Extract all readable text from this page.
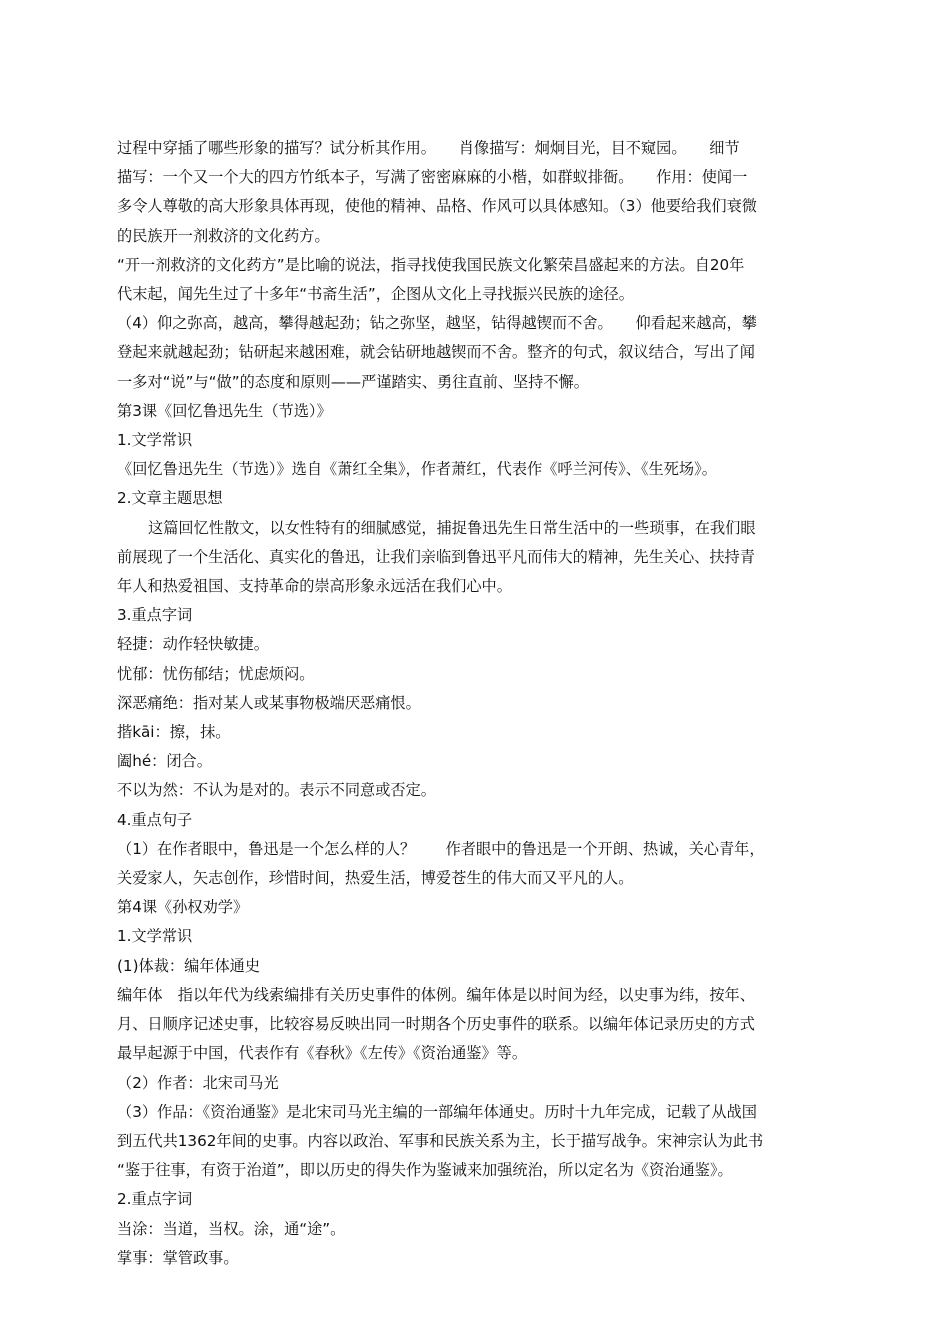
过程中穿插了哪些形象的描写？试分析其作用。　　肖像描写：炯炯目光，目不窥园。　　细节

描写：一个又一个大的四方竹纸本子，写满了密密麻麻的小楷，如群蚁排衙。　　作用：使闻一

多令人尊敬的高大形象具体再现，使他的精神、品格、作风可以具体感知。（3）他要给我们衰微

的民族开一剂救济的文化药方。

“开一剂救济的文化药方”是比喻的说法，指寻找使我国民族文化繁荣昌盛起来的方法。自20年

代末起，闻先生过了十多年“书斋生活”，企图从文化上寻找振兴民族的途径。

（4）仰之弥高，越高，攀得越起劲；钻之弥坚，越坚，钻得越锲而不舍。　　仰看起来越高，攀

登起来就越起劲；钻研起来越困难，就会钻研地越锲而不舍。整齐的句式，叙议结合，写出了闻

一多对“说”与“做”的态度和原则——严谨踏实、勇往直前、坚持不懈。

第3课《回忆鲁迅先生（节选）》

1.文学常识

《回忆鲁迅先生（节选）》选自《萧红全集》，作者萧红，代表作《呼兰河传》、《生死场》。

2.文章主题思想

这篇回忆性散文，以女性特有的细腻感觉，捕捉鲁迅先生日常生活中的一些琐事，在我们眼

前展现了一个生活化、真实化的鲁迅，让我们亲临到鲁迅平凡而伟大的精神，先生关心、扶持青

年人和热爱祖国、支持革命的崇高形象永远活在我们心中。

3.重点字词

轻捷：动作轻快敏捷。

忧郁：忧伤郁结；忧虑烦闷。

深恶痛绝：指对某人或某事物极端厌恶痛恨。

揩kāi：擦，抹。

阖hé：闭合。

不以为然：不认为是对的。表示不同意或否定。

4.重点句子

（1）在作者眼中，鲁迅是一个怎么样的人？　　作者眼中的鲁迅是一个开朗、热诚，关心青年，

关爱家人，矢志创作，珍惜时间，热爱生活，博爱苍生的伟大而又平凡的人。

第4课《孙权劝学》

1.文学常识

(1)体裁：编年体通史

编年体　指以年代为线索编排有关历史事件的体例。编年体是以时间为经，以史事为纬，按年、

月、日顺序记述史事，比较容易反映出同一时期各个历史事件的联系。以编年体记录历史的方式

最早起源于中国，代表作有《春秋》《左传》《资治通鉴》等。

（2）作者：北宋司马光

（3）作品：《资治通鉴》是北宋司马光主编的一部编年体通史。历时十九年完成，记载了从战国

到五代共1362年间的史事。内容以政治、军事和民族关系为主，长于描写战争。宋神宗认为此书

“鉴于往事，有资于治道”，即以历史的得失作为鉴诫来加强统治，所以定名为《资治通鉴》。

2.重点字词

当涂：当道，当权。涂，通“途”。

掌事：掌管政事。
